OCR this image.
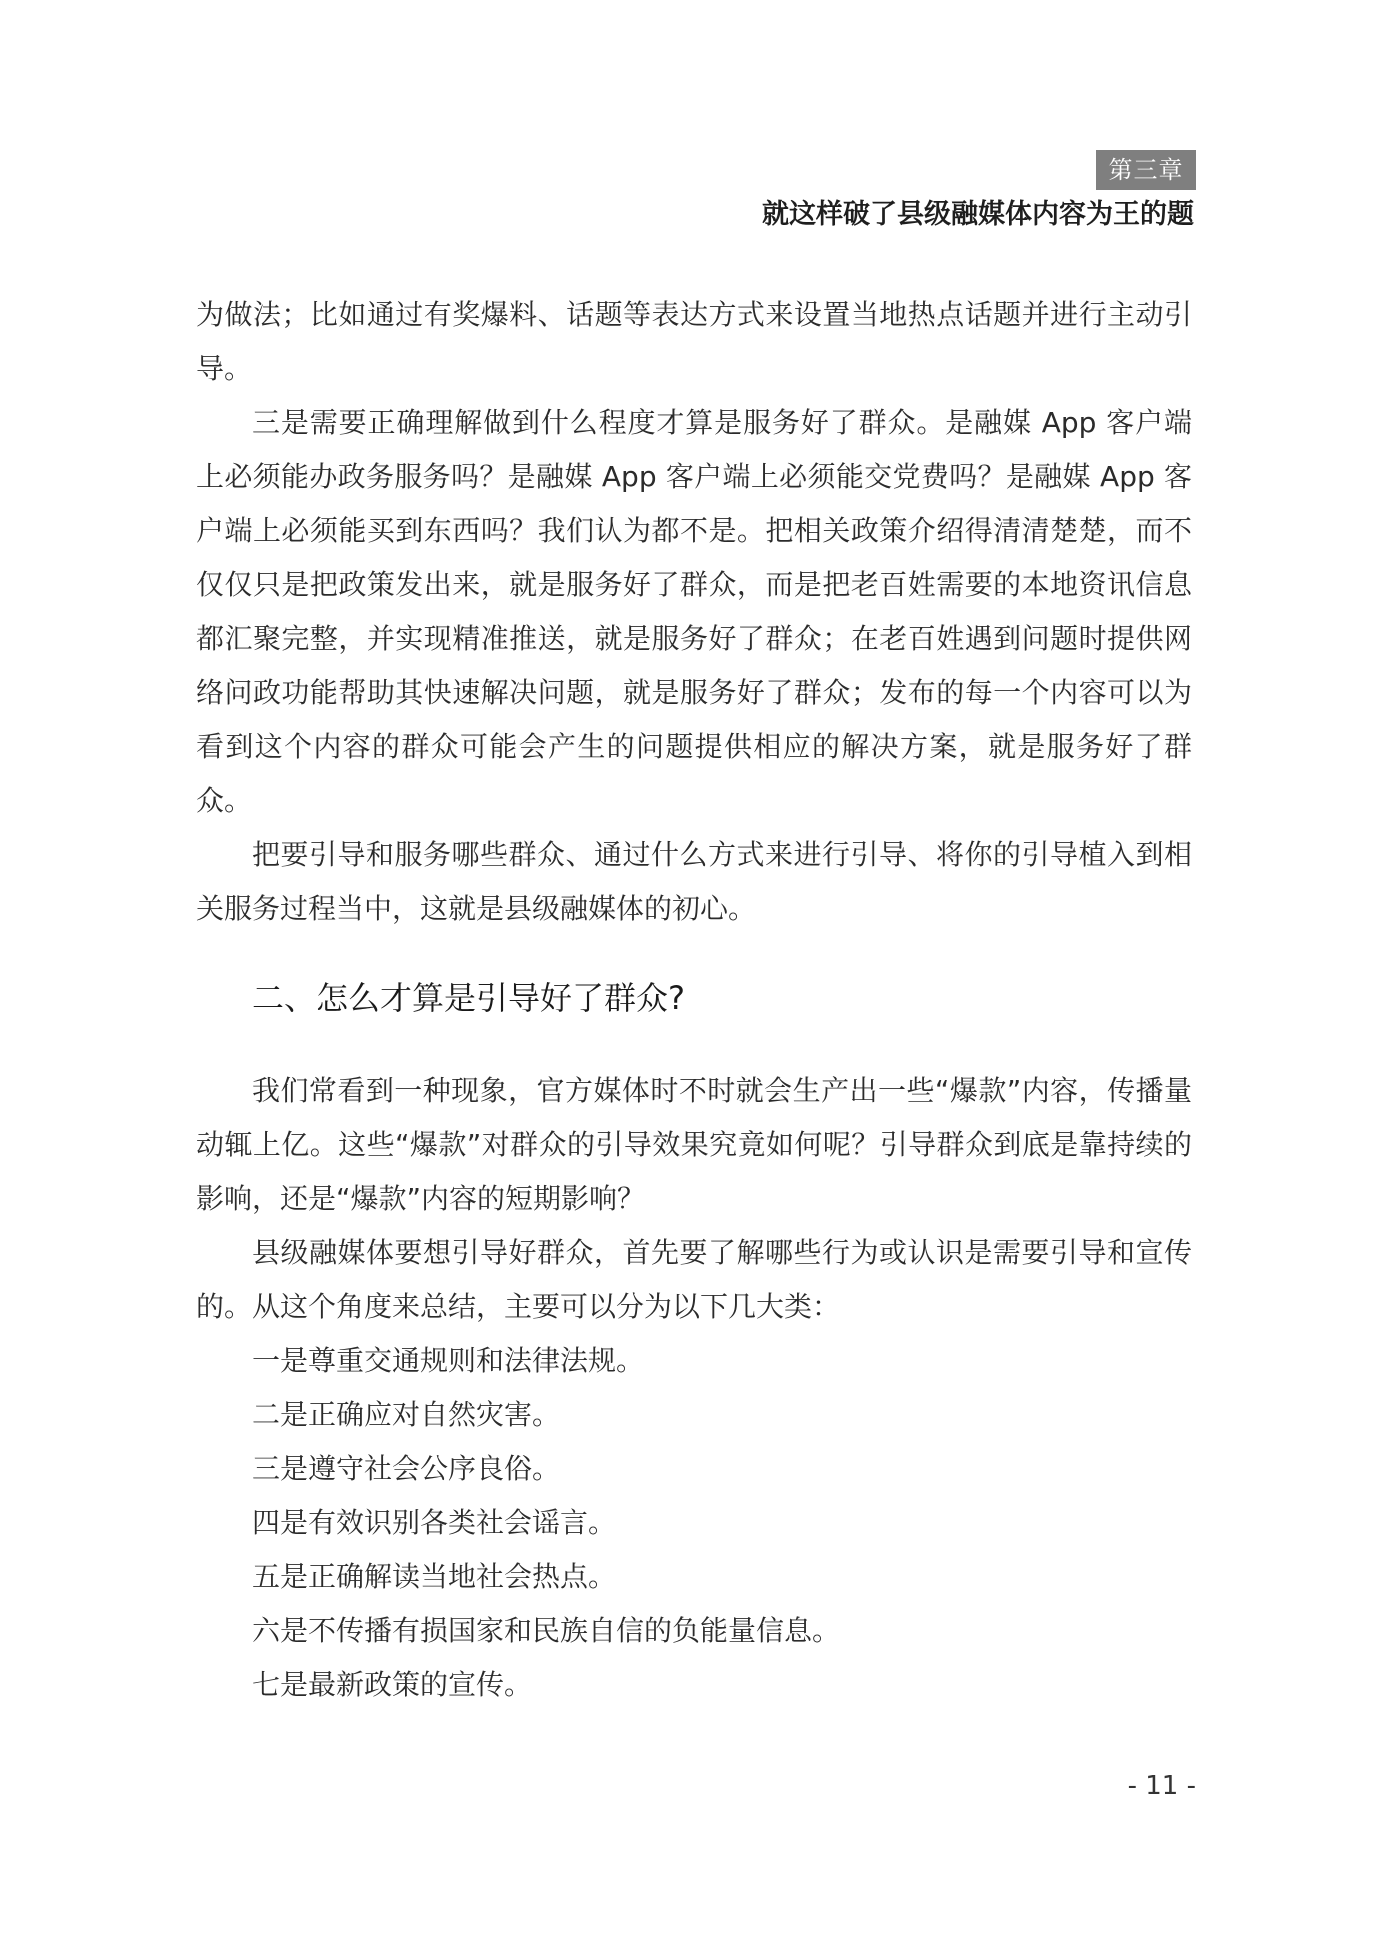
第三章
就这样破了县级融媒体内容为王的题

为做法；比如通过有奖爆料、话题等表达方式来设置当地热点话题并进行主动引导。

三是需要正确理解做到什么程度才算是服务好了群众。是融媒 App 客户端上必须能办政务服务吗？是融媒 App 客户端上必须能交党费吗？是融媒 App 客户端上必须能买到东西吗？我们认为都不是。把相关政策介绍得清清楚楚，而不仅仅只是把政策发出来，就是服务好了群众，而是把老百姓需要的本地资讯信息都汇聚完整，并实现精准推送，就是服务好了群众；在老百姓遇到问题时提供网络问政功能帮助其快速解决问题，就是服务好了群众；发布的每一个内容可以为看到这个内容的群众可能会产生的问题提供相应的解决方案，就是服务好了群众。

把要引导和服务哪些群众、通过什么方式来进行引导、将你的引导植入到相关服务过程当中，这就是县级融媒体的初心。

二、怎么才算是引导好了群众?

我们常看到一种现象，官方媒体时不时就会生产出一些“爆款”内容，传播量动辄上亿。这些“爆款”对群众的引导效果究竟如何呢？引导群众到底是靠持续的影响，还是“爆款”内容的短期影响？

县级融媒体要想引导好群众，首先要了解哪些行为或认识是需要引导和宣传的。从这个角度来总结，主要可以分为以下几大类：

一是尊重交通规则和法律法规。

二是正确应对自然灾害。

三是遵守社会公序良俗。

四是有效识别各类社会谣言。

五是正确解读当地社会热点。

六是不传播有损国家和民族自信的负能量信息。

七是最新政策的宣传。

- 11 -
